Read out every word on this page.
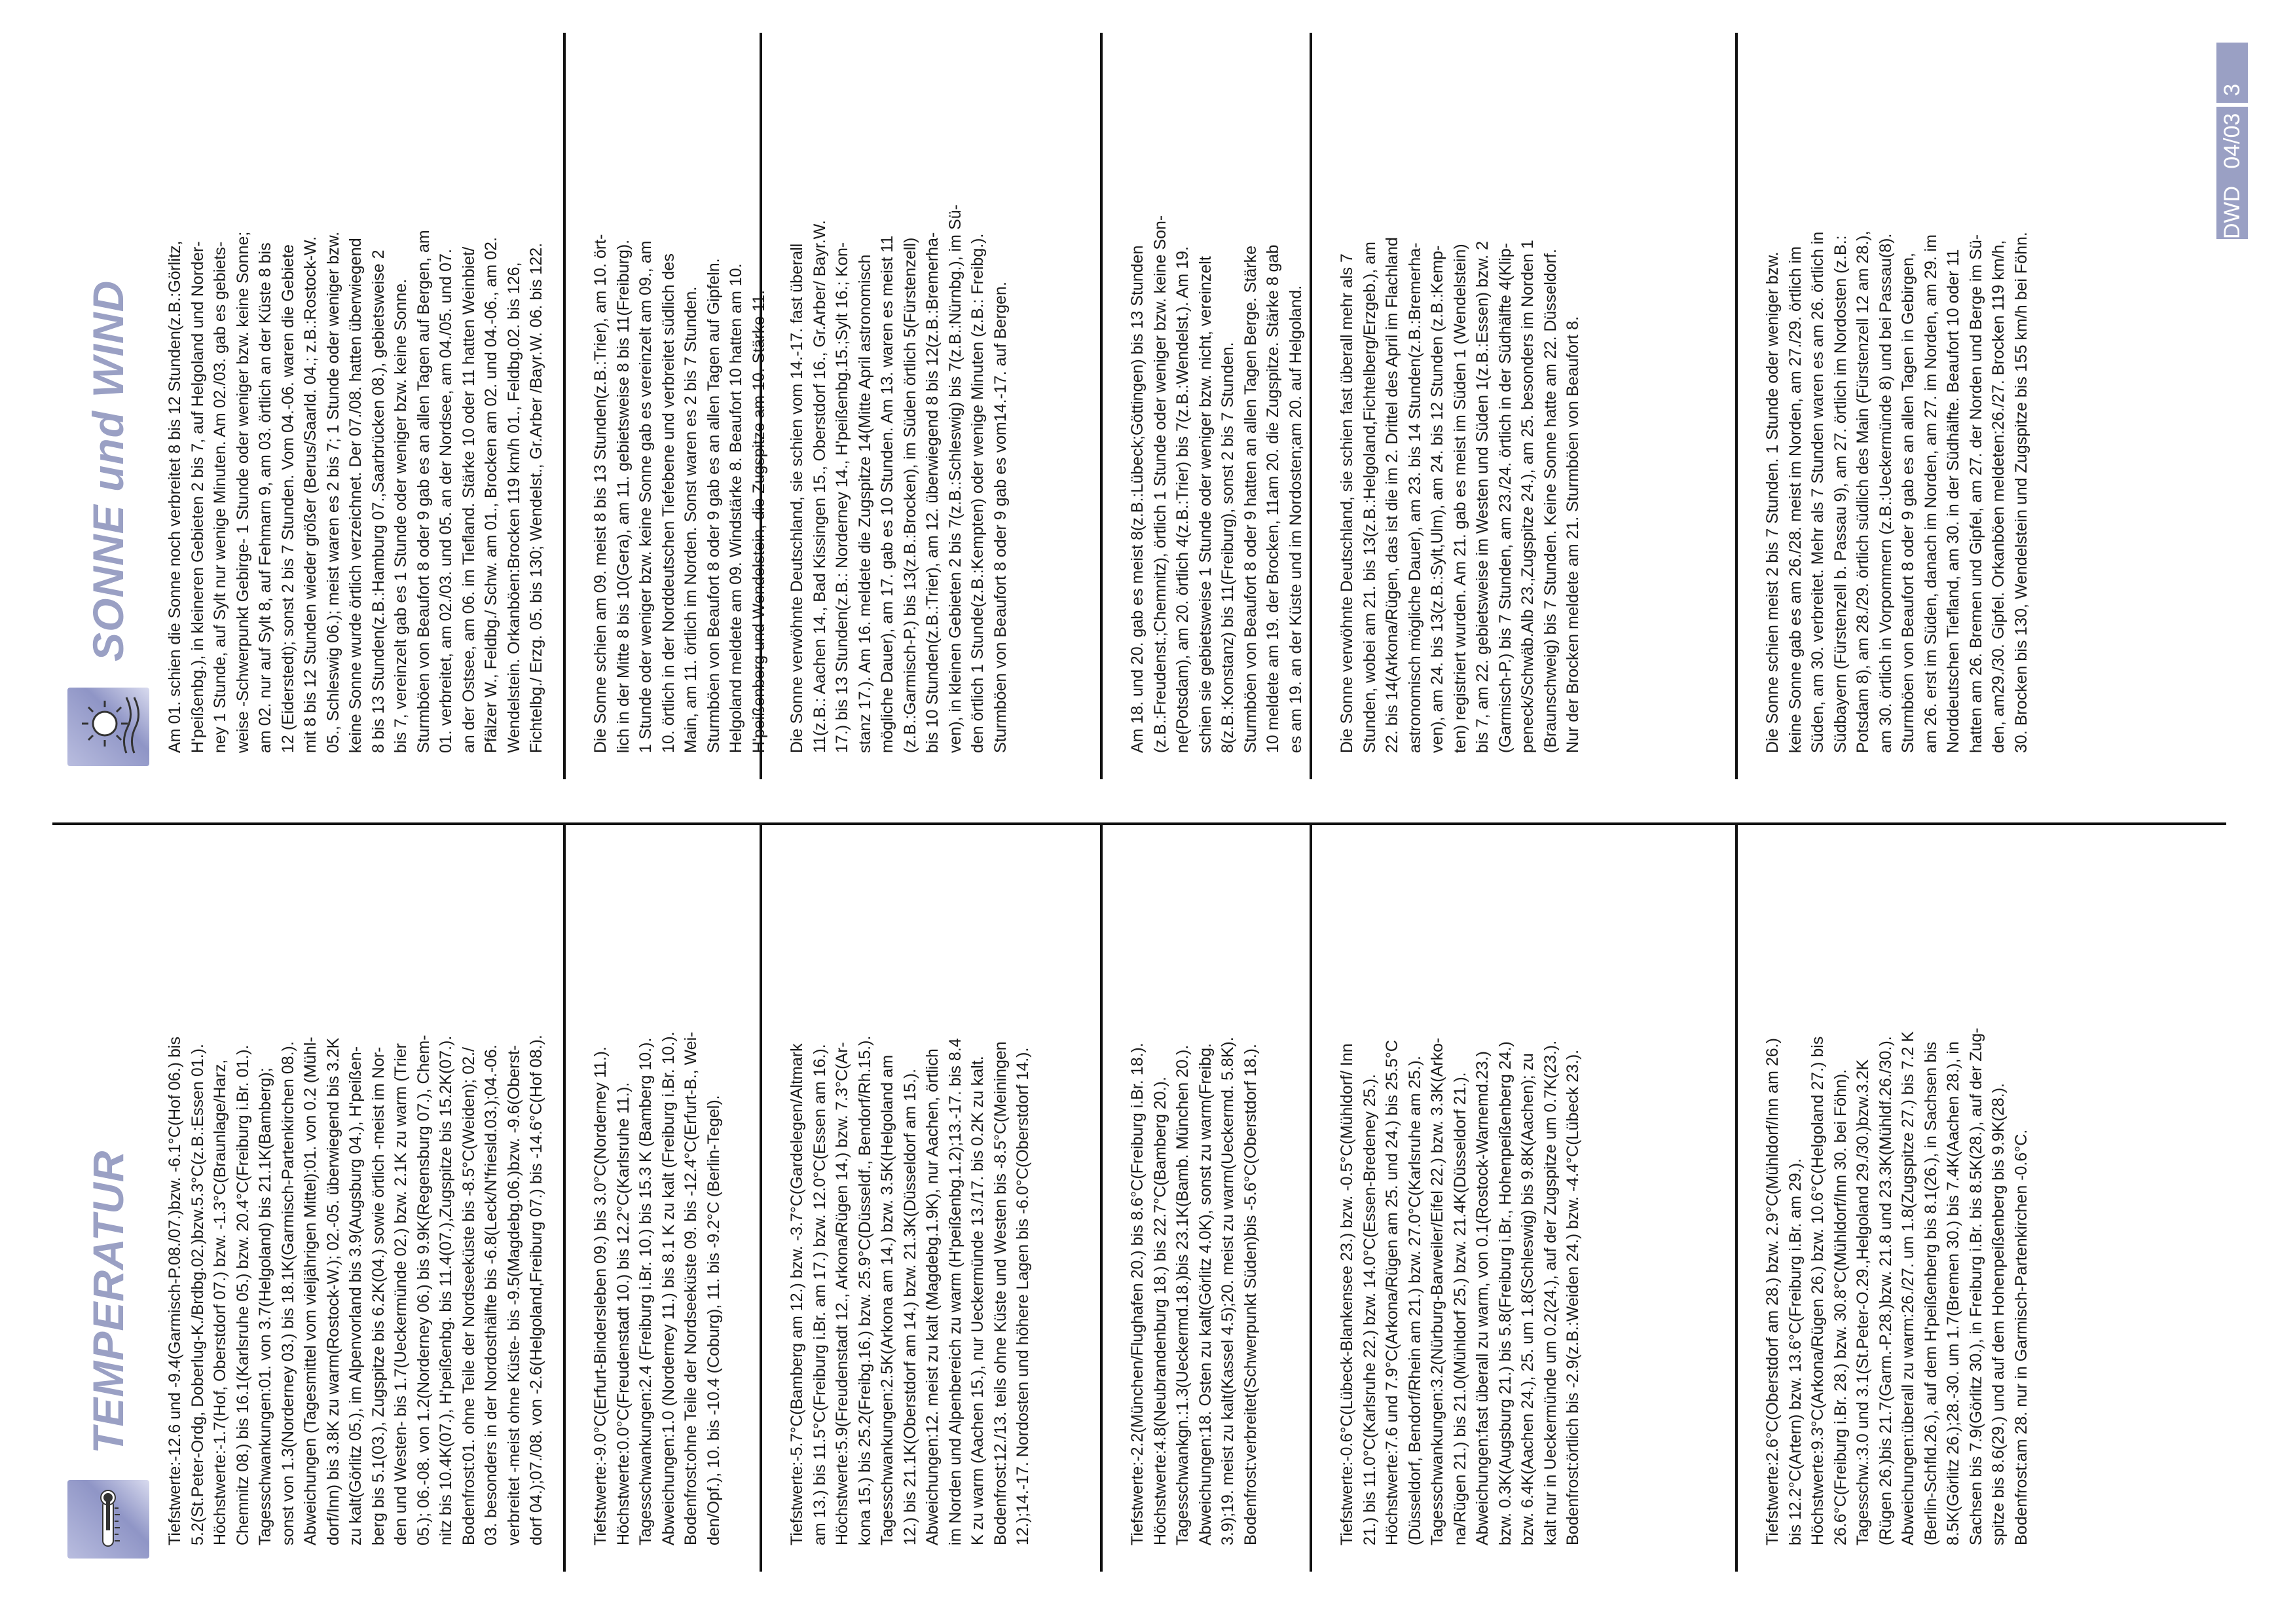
TEMPERATUR Tiefstwerte:-12.6 und -9.4(Garmisch-P.08./07.)bzw. -6.1°C(Hof 06.) bis 5.2(St.Peter-Ordg, Doberlug-K./Brdbg.02.)bzw.5.3°C(z.B.:Essen 01.). Höchstwerte:-1.7(Hof, Oberstdorf 07.) bzw. -1.3°C(Braunlage/Harz, Chemnitz 08.) bis 16.1(Karlsruhe 05.) bzw. 20.4°C(Freiburg i.Br. 01.). Tagesschwankungen:01. von 3.7(Helgoland) bis 21.1K(Bamberg); sonst von 1.3(Norderney 03.) bis 18.1K(Garmisch-Partenkirchen 08.). Abweichungen (Tagesmittel vom vieljährigen Mittel):01. von 0.2 (Mühl- dorf/Inn) bis 3.8K zu warm(Rostock-W.); 02.-05. überwiegend bis 3.2K zu kalt(Görlitz 05.), im Alpenvorland bis 3.9(Augsburg 04.), H'peißen- berg bis 5.1(03.), Zugspitze bis 6.2K(04.) sowie örtlich -meist im Nor- den und Westen- bis 1.7(Ueckermünde 02.) bzw. 2.1K zu warm (Trier 05.); 06.-08. von 1.2(Norderney 06.) bis 9.9K(Regensburg 07.), Chem- nitz bis 10.4K(07.), H'peißenbg. bis 11.4(07.),Zugspitze bis 15.2K(07.). Bodenfrost:01. ohne Teile der Nordseeküste bis -8.5°C(Weiden); 02./ 03. besonders in der Nordosthälfte bis -6.8(Leck/N'friesld.03.);04.-06. verbreitet -meist ohne Küste- bis -9.5(Magdebg.06.)bzw. -9.6(Oberst- dorf 04.);07./08. von -2.6(Helgoland,Freiburg 07.) bis -14.6°C(Hof 08.).	Tiefstwerte:-9.0°C(Erfurt-Bindersleben 09.) bis 3.0°C(Norderney 11.). Höchstwerte:0.0°C(Freudenstadt 10.) bis 12.2°C(Karlsruhe 11.). Tagesschwankungen:2.4 (Freiburg i.Br. 10.) bis 15.3 K (Bamberg 10.). Abweichungen:1.0 (Norderney 11.) bis 8.1 K zu kalt (Freiburg i.Br. 10.). Bodenfrost:ohne Teile der Nordseeküste 09. bis -12.4°C(Erfurt-B., Wei- den/Opf.), 10. bis -10.4 (Coburg), 11. bis -9.2°C (Berlin-Tegel).	Tiefstwerte:-5.7°C(Bamberg am 12.) bzw. -3.7°C(Gardelegen/Altmark am 13.) bis 11.5°C(Freiburg i.Br. am 17.) bzw. 12.0°C(Essen am 16.). Höchstwerte:5.9(Freudenstadt 12., Arkona/Rügen 14.) bzw. 7.3°C(Ar- kona 15.) bis 25.2(Freibg.16.) bzw. 25.9°C(Düsseldf., Bendorf/Rh.15.). Tagesschwankungen:2.5K(Arkona am 14.) bzw. 3.5K(Helgoland am 12.) bis 21.1K(Oberstdorf am 14.) bzw. 21.3K(Düsseldorf am 15.). Abweichungen:12. meist zu kalt (Magdebg.1.9K), nur Aachen, örtlich im Norden und Alpenbereich zu warm (H'peißenbg.1.2);13.-17. bis 8.4 K zu warm (Aachen 15.), nur Ueckermünde 13./17. bis 0.2K zu kalt. Bodenfrost:12./13. teils ohne Küste und Westen bis -8.5°C(Meiningen 12.);14.-17. Nordosten und höhere Lagen bis -6.0°C(Oberstdorf 14.).	Tiefstwerte:-2.2(München/Flughafen 20.) bis 8.6°C(Freiburg i.Br. 18.). Höchstwerte:4.8(Neubrandenburg 18.) bis 22.7°C(Bamberg 20.). Tagesschwankgn.:1.3(Ueckermd.18.)bis 23.1K(Bamb. München 20.). Abweichungen:18. Osten zu kalt(Görlitz 4.0K), sonst zu warm(Freibg. 3.9);19. meist zu kalt(Kassel 4.5);20. meist zu warm(Ueckermd. 5.8K). Bodenfrost:verbreitet(Schwerpunkt Süden)bis -5.6°C(Oberstdorf 18.).	Tiefstwerte:-0.6°C(Lübeck-Blankensee 23.) bzw. -0.5°C(Mühldorf/ Inn 21.) bis 11.0°C(Karlsruhe 22.) bzw. 14.0°C(Essen-Bredeney 25.). Höchstwerte:7.6 und 7.9°C(Arkona/Rügen am 25. und 24.) bis 25.5°C (Düsseldorf, Bendorf/Rhein am 21.) bzw. 27.0°C(Karlsruhe am 25.). Tagesschwankungen:3.2(Nürburg-Barweiler/Eifel 22.) bzw. 3.3K(Arko- na/Rügen 21.) bis 21.0(Mühldorf 25.) bzw. 21.4K(Düsseldorf 21.). Abweichungen:fast überall zu warm, von 0.1(Rostock-Warnemd.23.) bzw. 0.3K(Augsburg 21.) bis 5.8(Freiburg i.Br., Hohenpeißenberg 24.) bzw. 6.4K(Aachen 24.), 25. um 1.8(Schleswig) bis 9.8K(Aachen); zu kalt nur in Ueckermünde um 0.2(24.), auf der Zugspitze um 0.7K(23.). Bodenfrost:örtlich bis -2.9(z.B.:Weiden 24.) bzw. -4.4°C(Lübeck 23.).	Tiefstwerte:2.6°C(Oberstdorf am 28.) bzw. 2.9°C(Mühldorf/Inn am 26.) bis 12.2°C(Artern) bzw. 13.6°C(Freiburg i.Br. am 29.). Höchstwerte:9.3°C(Arkona/Rügen 26.) bzw. 10.6°C(Helgoland 27.) bis 26.6°C(Freiburg i.Br. 28.) bzw. 30.8°C(Mühldorf/Inn 30. bei Föhn). Tagesschw.:3.0 und 3.1(St.Peter-O.29.,Helgoland 29./30.)bzw.3.2K (Rügen 26.)bis 21.7(Garm.-P.28.)bzw. 21.8 und 23.3K(Mühldf.26./30.). Abweichungen:überall zu warm:26./27. um 1.8(Zugspitze 27.) bis 7.2 K (Berlin-Schfld.26.), auf dem H'peißenberg bis 8.1(26.), in Sachsen bis 8.5K(Görlitz 26.);28.-30. um 1.7(Bremen 30.) bis 7.4K(Aachen 28.), in Sachsen bis 7.9(Görlitz 30.), in Freiburg i.Br. bis 8.5K(28.), auf der Zug- spitze bis 8.6(29.) und auf dem Hohenpeißenberg bis 9.9K(28.). Bodenfrost:am 28. nur in Garmisch-Partenkirchen -0.6°C.

SONNE und WIND Am 01. schien die Sonne noch verbreitet 8 bis 12 Stunden(z.B.:Görlitz, H'peißenbg.), in kleineren Gebieten 2 bis 7, auf Helgoland und Norder- ney 1 Stunde, auf Sylt nur wenige Minuten. Am 02./03. gab es gebiets- weise -Schwerpunkt Gebirge- 1 Stunde oder weniger bzw. keine Sonne; am 02. nur auf Sylt 8, auf Fehmarn 9, am 03. örtlich an der Küste 8 bis 12 (Eiderstedt); sonst 2 bis 7 Stunden. Vom 04.-06. waren die Gebiete mit 8 bis 12 Stunden wieder größer (Berus/Saarld. 04.; z.B.:Rostock-W. 05., Schleswig 06.); meist waren es 2 bis 7; 1 Stunde oder weniger bzw. keine Sonne wurde örtlich verzeichnet. Der 07./08. hatten überwiegend 8 bis 13 Stunden(z.B.:Hamburg 07.,Saarbrücken 08.), gebietsweise 2 bis 7, vereinzelt gab es 1 Stunde oder weniger bzw. keine Sonne. Sturmböen von Beaufort 8 oder 9 gab es an allen Tagen auf Bergen, am 01. verbreitet, am 02./03. und 05. an der Nordsee, am 04./05. und 07. an der Ostsee, am 06. im Tiefland. Stärke 10 oder 11 hatten Weinbiet/ Pfälzer W., Feldbg./ Schw. am 01., Brocken am 02. und 04.-06., am 02. Wendelstein. Orkanböen:Brocken 119 km/h 01., Feldbg.02. bis 126, Fichtelbg./ Erzg. 05. bis 130; Wendelst., Gr.Arber /Bayr.W. 06. bis 122.	Die Sonne schien am 09. meist 8 bis 13 Stunden(z.B.:Trier), am 10. ört- lich in der Mitte 8 bis 10(Gera), am 11. gebietsweise 8 bis 11(Freiburg). 1 Stunde oder weniger bzw. keine Sonne gab es vereinzelt am 09., am 10. örtlich in der Norddeutschen Tiefebene und verbreitet südlich des Main, am 11. örtlich im Norden. Sonst waren es 2 bis 7 Stunden. Sturmböen von Beaufort 8 oder 9 gab es an allen Tagen auf Gipfeln. Helgoland meldete am 09. Windstärke 8. Beaufort 10 hatten am 10. H'peißenberg und Wendelstein, die Zugspitze am 10. Stärke 11. Die Sonne verwöhnte Deutschland, sie schien vom 14.-17. fast überall 11(z.B.: Aachen 14., Bad Kissingen 15., Oberstdorf 16., Gr.Arber/ Bayr.W. 17.) bis 13 Stunden(z.B.: Norderney 14., H'peißenbg.15.;Sylt 16.; Kon- stanz 17.). Am 16. meldete die Zugspitze 14(Mitte April astronomisch mögliche Dauer), am 17. gab es 10 Stunden. Am 13. waren es meist 11 (z.B.:Garmisch-P.) bis 13(z.B.:Brocken), im Süden örtlich 5(Fürstenzell) bis 10 Stunden(z.B.:Trier), am 12. überwiegend 8 bis 12(z.B.:Bremerha- ven), in kleinen Gebieten 2 bis 7(z.B.:Schleswig) bis 7(z.B.:Nürnbg.), im Sü- den örtlich 1 Stunde(z.B.:Kempten) oder wenige Minuten (z.B.: Freibg.). Sturmböen von Beaufort 8 oder 9 gab es vom14.-17. auf Bergen.	Am 18. und 20. gab es meist 8(z.B.:Lübeck;Göttingen) bis 13 Stunden (z.B.:Freudenst.;Chemnitz), örtlich 1 Stunde oder weniger bzw. keine Son- ne(Potsdam), am 20. örtlich 4(z.B.:Trier) bis 7(z.B.:Wendelst.). Am 19. schien sie gebietsweise 1 Stunde oder weniger bzw. nicht, vereinzelt 8(z.B.:Konstanz) bis 11(Freiburg), sonst 2 bis 7 Stunden. Sturmböen von Beaufort 8 oder 9 hatten an allen Tagen Berge. Stärke 10 meldete am 19. der Brocken, 11am 20. die Zugspitze. Stärke 8 gab es am 19. an der Küste und im Nordosten;am 20. auf Helgoland. Die Sonne verwöhnte Deutschland, sie schien fast überall mehr als 7 Stunden, wobei am 21. bis 13(z.B.:Helgoland,Fichtelberg/Erzgeb.), am 22. bis 14(Arkona/Rügen, das ist die im 2. Drittel des April im Flachland astronomisch mögliche Dauer), am 23. bis 14 Stunden(z.B.:Bremerha- ven), am 24. bis 13(z.B.:Sylt,Ulm), am 24. bis 12 Stunden (z.B.:Kemp- ten) registriert wurden. Am 21. gab es meist im Süden 1 (Wendelstein) bis 7, am 22. gebietsweise im Westen und Süden 1(z.B.:Essen) bzw. 2 (Garmisch-P.) bis 7 Stunden, am 23./24. örtlich in der Südhälfte 4(Klip- peneck/Schwäb.Alb 23.,Zugspitze 24.), am 25. besonders im Norden 1 (Braunschweig) bis 7 Stunden. Keine Sonne hatte am 22. Düsseldorf. Nur der Brocken meldete am 21. Sturmböen von Beaufort 8.	Die Sonne schien meist 2 bis 7 Stunden. 1 Stunde oder weniger bzw. keine Sonne gab es am 26./28. meist im Norden, am 27./29. örtlich im Süden, am 30. verbreitet. Mehr als 7 Stunden waren es am 26. örtlich in Südbayern (Fürstenzell b. Passau 9), am 27. örtlich im Nordosten (z.B.: Potsdam 8), am 28./29. örtlich südlich des Main (Fürstenzell 12 am 28.), am 30. örtlich in Vorpommern (z.B.:Ueckermünde 8) und bei Passau(8). Sturmböen von Beaufort 8 oder 9 gab es an allen Tagen in Gebirgen, am 26. erst im Süden, danach im Norden, am 27. im Norden, am 29. im Norddeutschen Tiefland, am 30. in der Südhälfte. Beaufort 10 oder 11 hatten am 26. Bremen und Gipfel, am 27. der Norden und Berge im Sü- den, am29./30. Gipfel. Orkanböen meldeten:26./27. Brocken 119 km/h, 30. Brocken bis 130, Wendelstein und Zugspitze bis 155 km/h bei Föhn.

DWD
04/03
3
